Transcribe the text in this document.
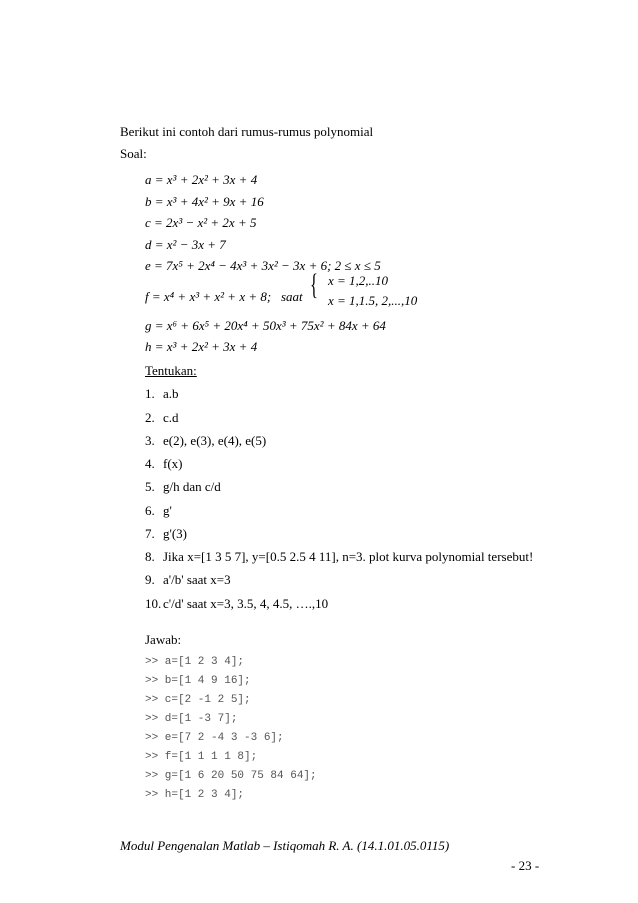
Berikut ini contoh dari rumus-rumus polynomial
Soal:
a = x³ + 2x² + 3x + 4
b = x³ + 4x² + 9x + 16
c = 2x³ − x² + 2x + 5
d = x² − 3x + 7
e = 7x⁵ + 2x⁴ − 4x³ + 3x² − 3x + 6; 2 ≤ x ≤ 5
f = x⁴ + x³ + x² + x + 8; saat { x = 1,2,..10
x = 1,1.5, 2,...,10
g = x⁶ + 6x⁵ + 20x⁴ + 50x³ + 75x² + 84x + 64
h = x³ + 2x² + 3x + 4
Tentukan:
1. a.b
2. c.d
3. e(2), e(3), e(4), e(5)
4. f(x)
5. g/h dan c/d
6. g'
7. g'(3)
8. Jika x=[1 3 5 7], y=[0.5 2.5 4 11], n=3. plot kurva polynomial tersebut!
9. a'/b' saat x=3
10. c'/d' saat x=3, 3.5, 4, 4.5, ….,10
Jawab:
>> a=[1 2 3 4];
>> b=[1 4 9 16];
>> c=[2 -1 2 5];
>> d=[1 -3 7];
>> e=[7 2 -4 3 -3 6];
>> f=[1 1 1 1 8];
>> g=[1 6 20 50 75 84 64];
>> h=[1 2 3 4];
Modul Pengenalan Matlab – Istiqomah R. A. (14.1.01.05.0115)
- 23 -
